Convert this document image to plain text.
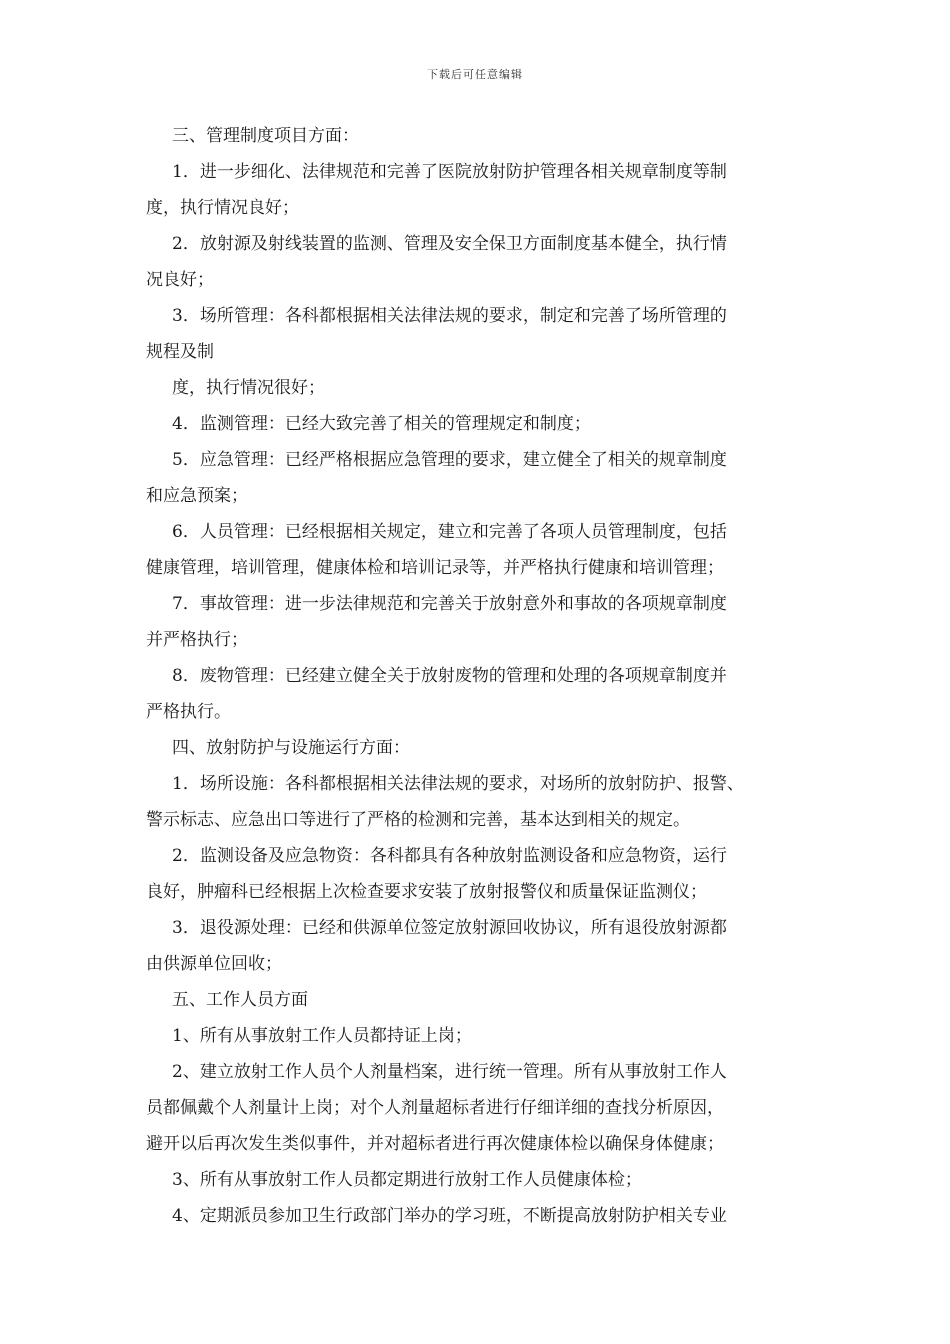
下载后可任意编辑
三、管理制度项目方面：
1．进一步细化、法律规范和完善了医院放射防护管理各相关规章制度等制
度，执行情况良好；
2．放射源及射线装置的监测、管理及安全保卫方面制度基本健全，执行情
况良好；
3．场所管理：各科都根据相关法律法规的要求，制定和完善了场所管理的
规程及制
度，执行情况很好；
4．监测管理：已经大致完善了相关的管理规定和制度；
5．应急管理：已经严格根据应急管理的要求，建立健全了相关的规章制度
和应急预案；
6．人员管理：已经根据相关规定，建立和完善了各项人员管理制度，包括
健康管理，培训管理，健康体检和培训记录等，并严格执行健康和培训管理；
7．事故管理：进一步法律规范和完善关于放射意外和事故的各项规章制度
并严格执行；
8．废物管理：已经建立健全关于放射废物的管理和处理的各项规章制度并
严格执行。
四、放射防护与设施运行方面：
1．场所设施：各科都根据相关法律法规的要求，对场所的放射防护、报警、
警示标志、应急出口等进行了严格的检测和完善，基本达到相关的规定。
2．监测设备及应急物资：各科都具有各种放射监测设备和应急物资，运行
良好，肿瘤科已经根据上次检查要求安装了放射报警仪和质量保证监测仪；
3．退役源处理：已经和供源单位签定放射源回收协议，所有退役放射源都
由供源单位回收；
五、工作人员方面
1、所有从事放射工作人员都持证上岗；
2、建立放射工作人员个人剂量档案，进行统一管理。所有从事放射工作人
员都佩戴个人剂量计上岗；对个人剂量超标者进行仔细详细的查找分析原因，
避开以后再次发生类似事件，并对超标者进行再次健康体检以确保身体健康；
3、所有从事放射工作人员都定期进行放射工作人员健康体检；
4、定期派员参加卫生行政部门举办的学习班，不断提高放射防护相关专业
